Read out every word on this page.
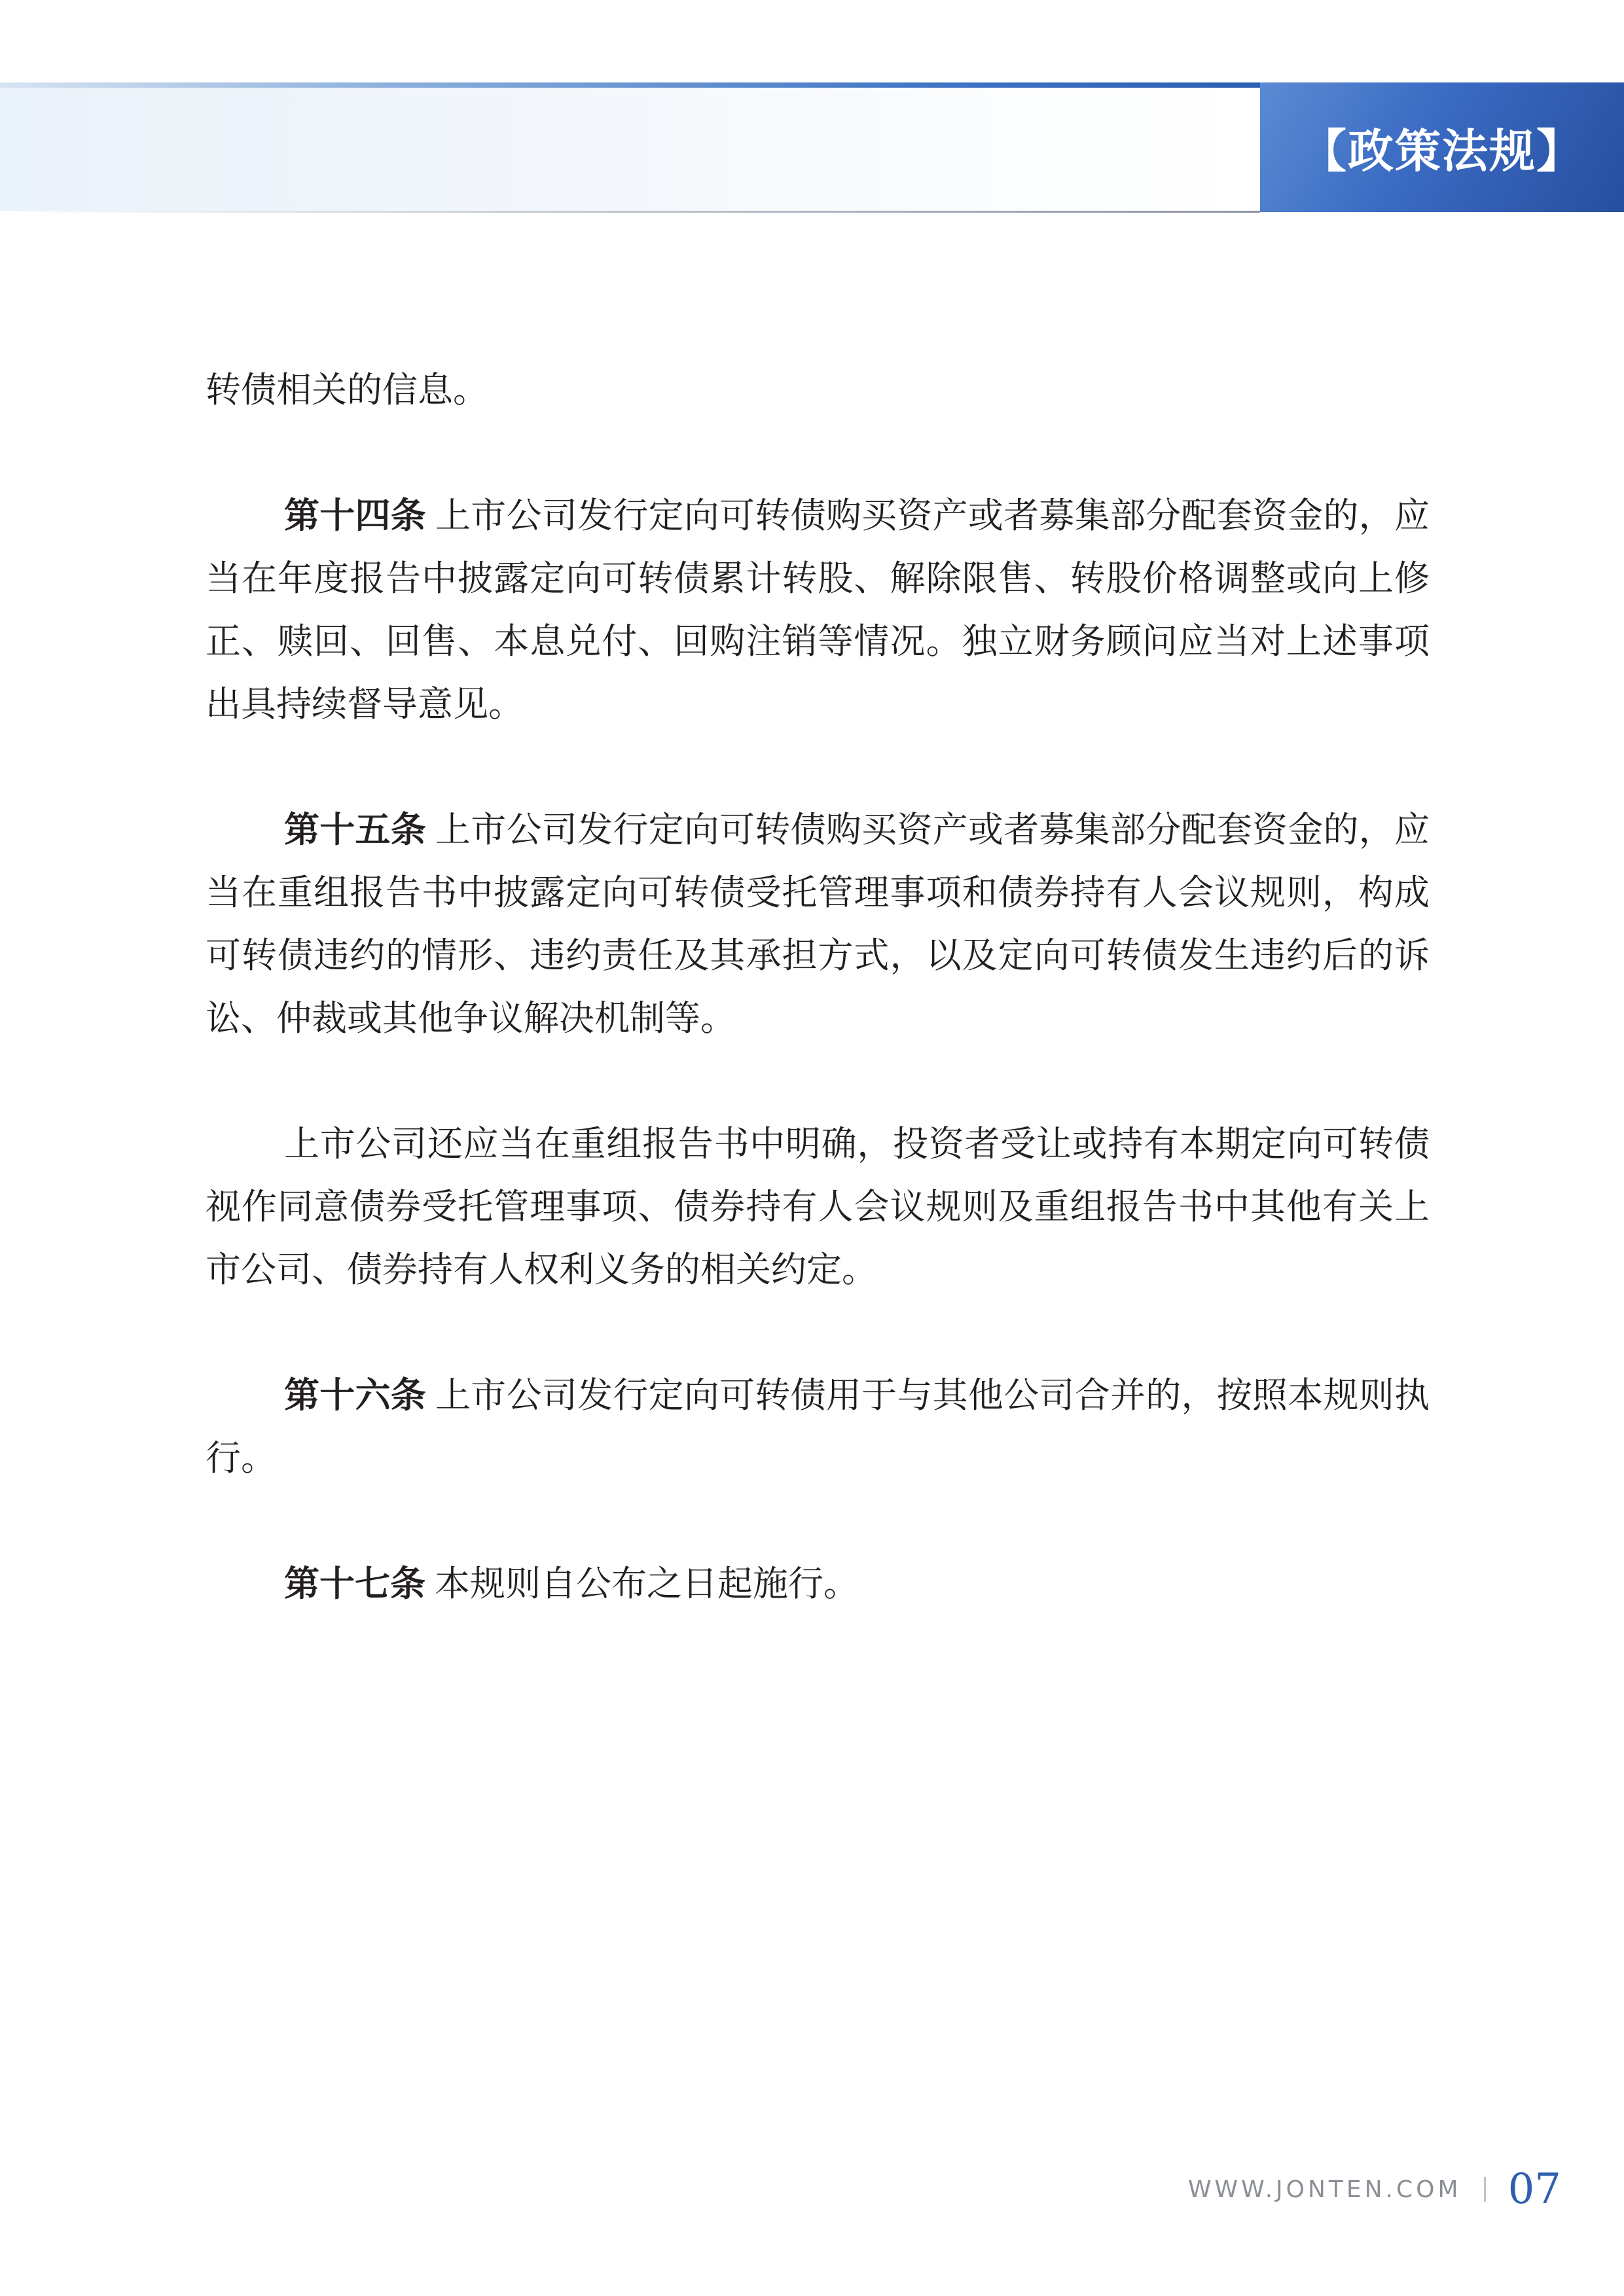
【政策法规】

转债相关的信息。

第十四条 上市公司发行定向可转债购买资产或者募集部分配套资金的，应当在年度报告中披露定向可转债累计转股、解除限售、转股价格调整或向上修正、赎回、回售、本息兑付、回购注销等情况。独立财务顾问应当对上述事项出具持续督导意见。

第十五条 上市公司发行定向可转债购买资产或者募集部分配套资金的，应当在重组报告书中披露定向可转债受托管理事项和债券持有人会议规则，构成可转债违约的情形、违约责任及其承担方式，以及定向可转债发生违约后的诉讼、仲裁或其他争议解决机制等。

上市公司还应当在重组报告书中明确，投资者受让或持有本期定向可转债视作同意债券受托管理事项、债券持有人会议规则及重组报告书中其他有关上市公司、债券持有人权利义务的相关约定。

第十六条 上市公司发行定向可转债用于与其他公司合并的，按照本规则执行。

第十七条 本规则自公布之日起施行。

WWW.JONTEN.COM 07
